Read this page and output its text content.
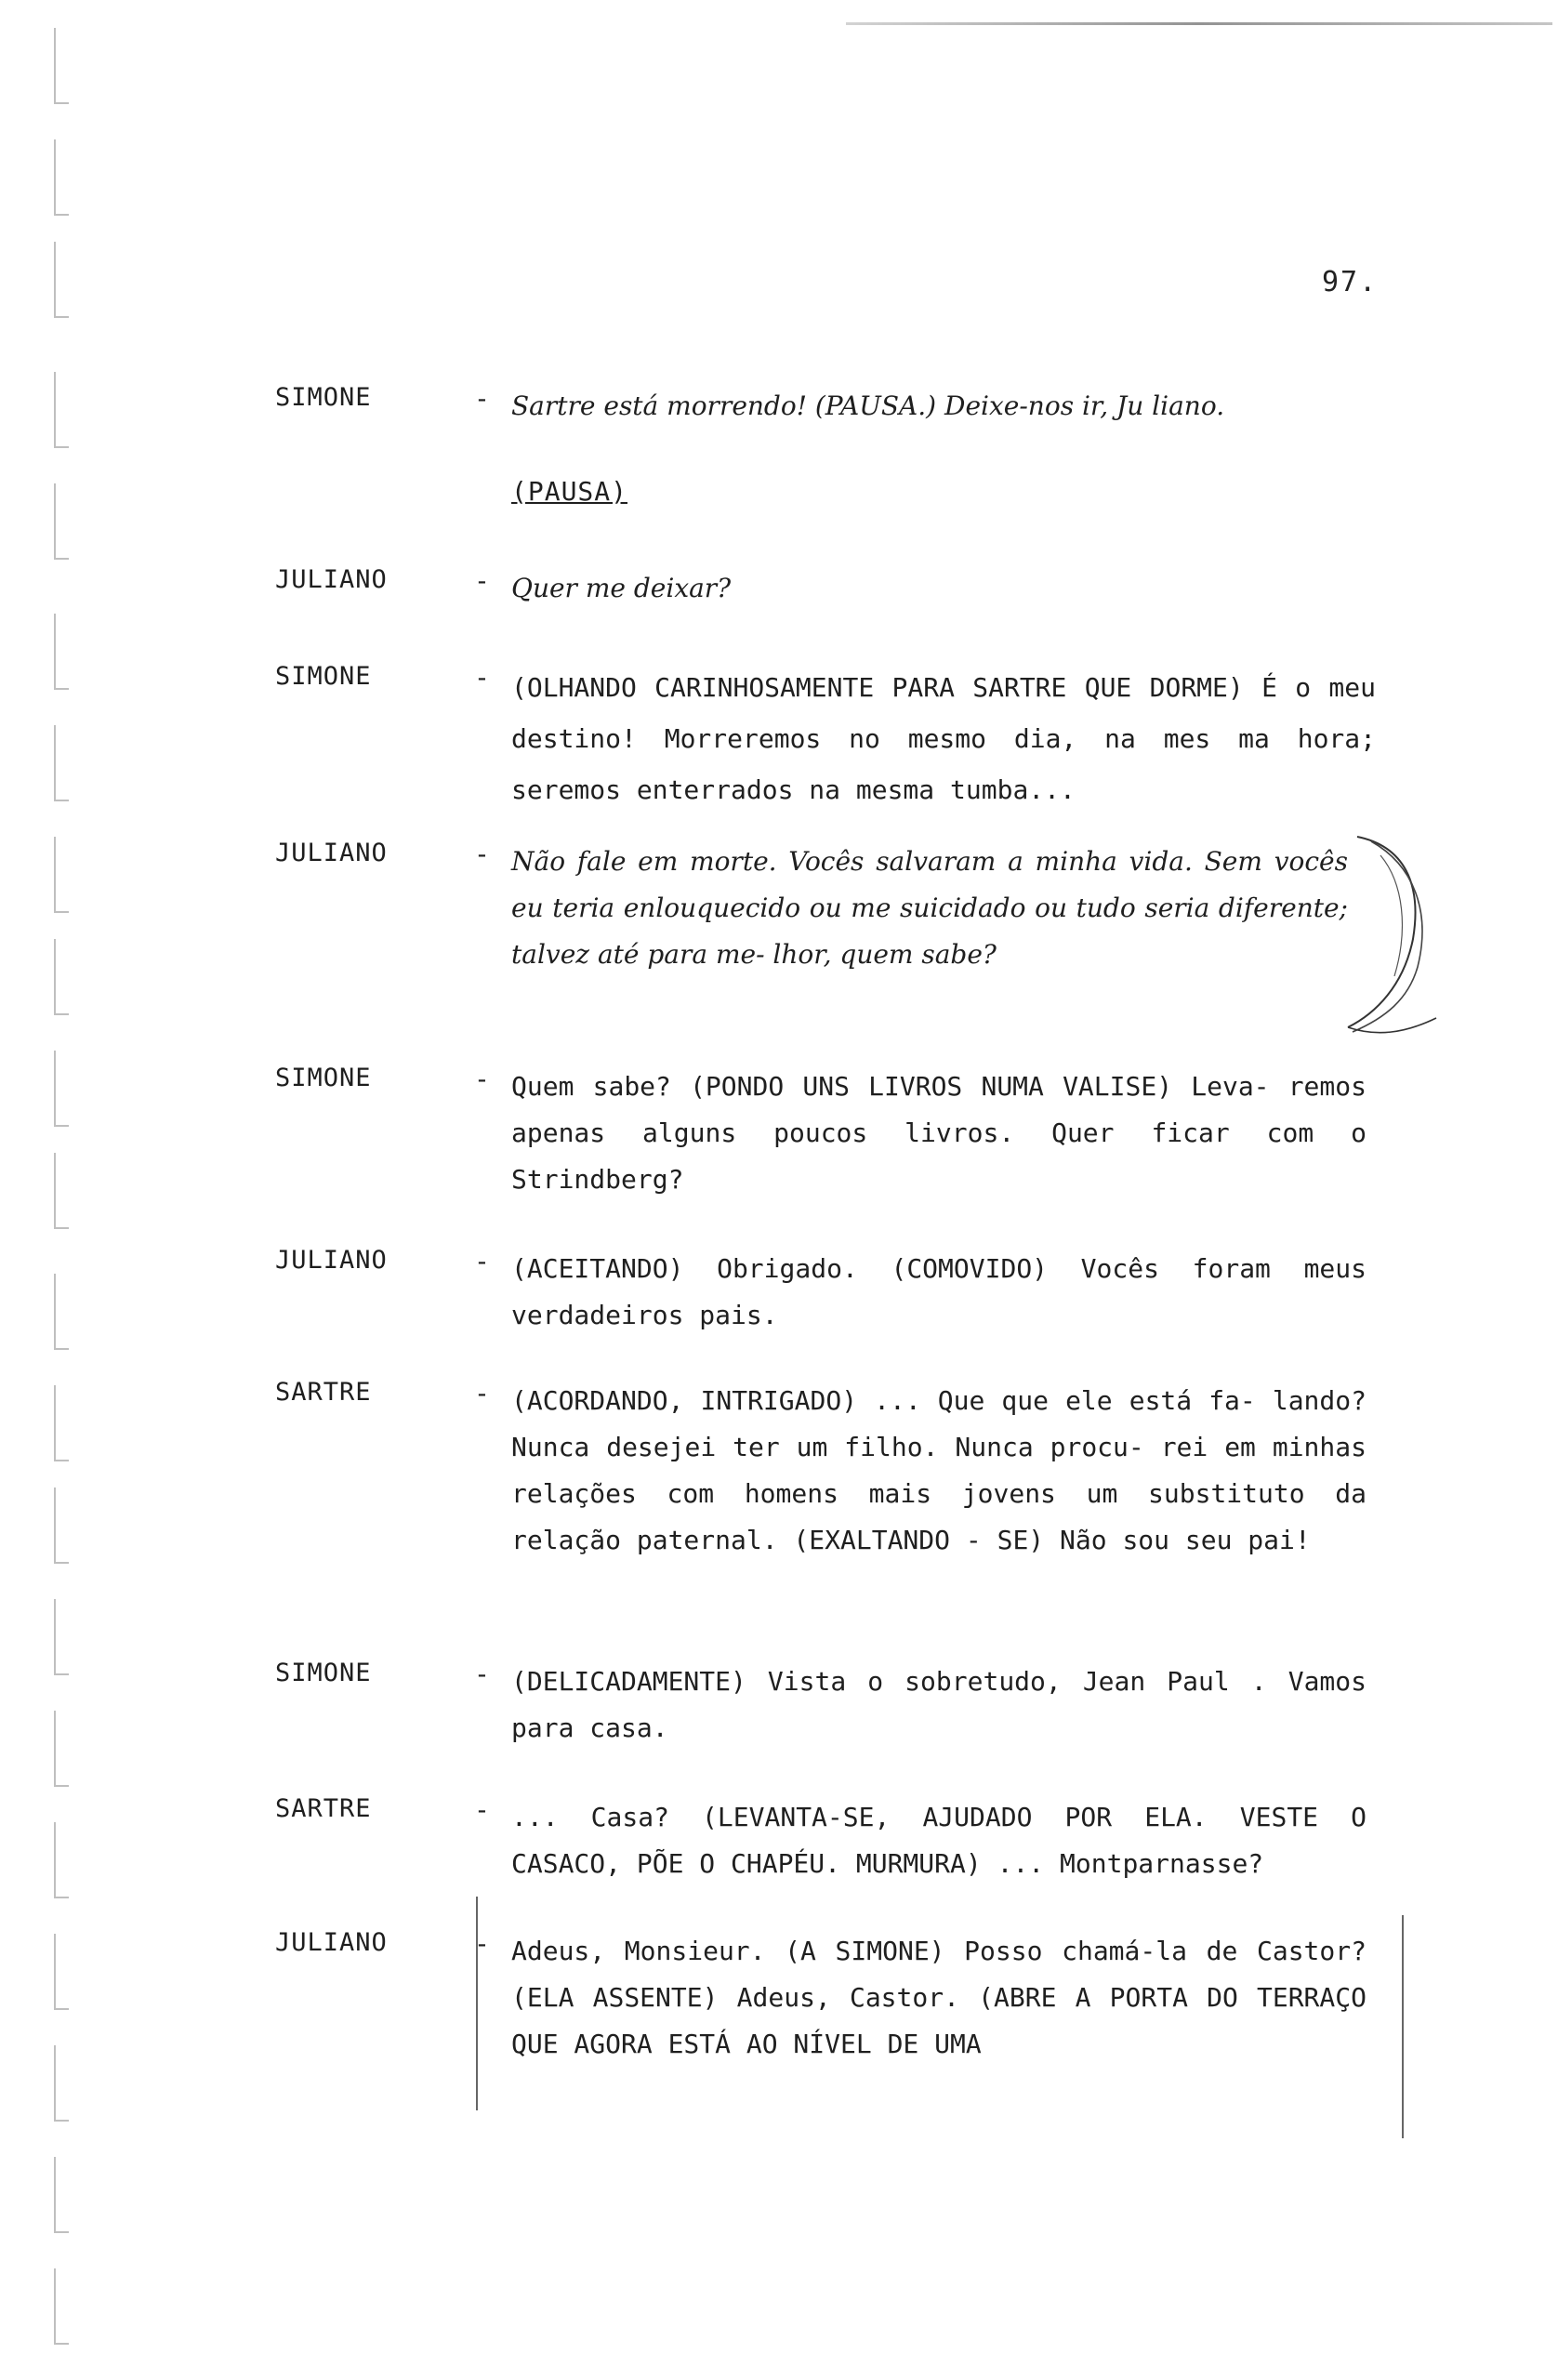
97.
SIMONE	- Sartre está morrendo! (PAUSA.) Deixe-nos ir, Ju liano.
(PAUSA)
JULIANO	- Quer me deixar?
SIMONE	- (OLHANDO CARINHOSAMENTE PARA SARTRE QUE DORME) É o meu destino! Morreremos no mesmo dia, na mes ma hora; seremos enterrados na mesma tumba...
JULIANO	- Não fale em morte. Vocês salvaram a minha vida. Sem vocês eu teria enlouquecido ou me suicidado ou tudo seria diferente; talvez até para me- lhor, quem sabe?
SIMONE	- Quem sabe? (PONDO UNS LIVROS NUMA VALISE) Leva- remos apenas alguns poucos livros. Quer ficar com o Strindberg?
JULIANO	- (ACEITANDO) Obrigado. (COMOVIDO) Vocês foram meus verdadeiros pais.
SARTRE	- (ACORDANDO, INTRIGADO) ... Que que ele está fa- lando? Nunca desejei ter um filho. Nunca procu- rei em minhas relações com homens mais jovens um substituto da relação paternal. (EXALTANDO - SE) Não sou seu pai!
SIMONE	- (DELICADAMENTE) Vista o sobretudo, Jean Paul . Vamos para casa.
SARTRE	- ... Casa? (LEVANTA-SE, AJUDADO POR ELA. VESTE O CASACO, PÕE O CHAPÉU. MURMURA) ... Montparnasse?
JULIANO	- Adeus, Monsieur. (A SIMONE) Posso chamá-la de Castor? (ELA ASSENTE) Adeus, Castor. (ABRE A PORTA DO TERRAÇO QUE AGORA ESTÁ AO NÍVEL DE UMA
